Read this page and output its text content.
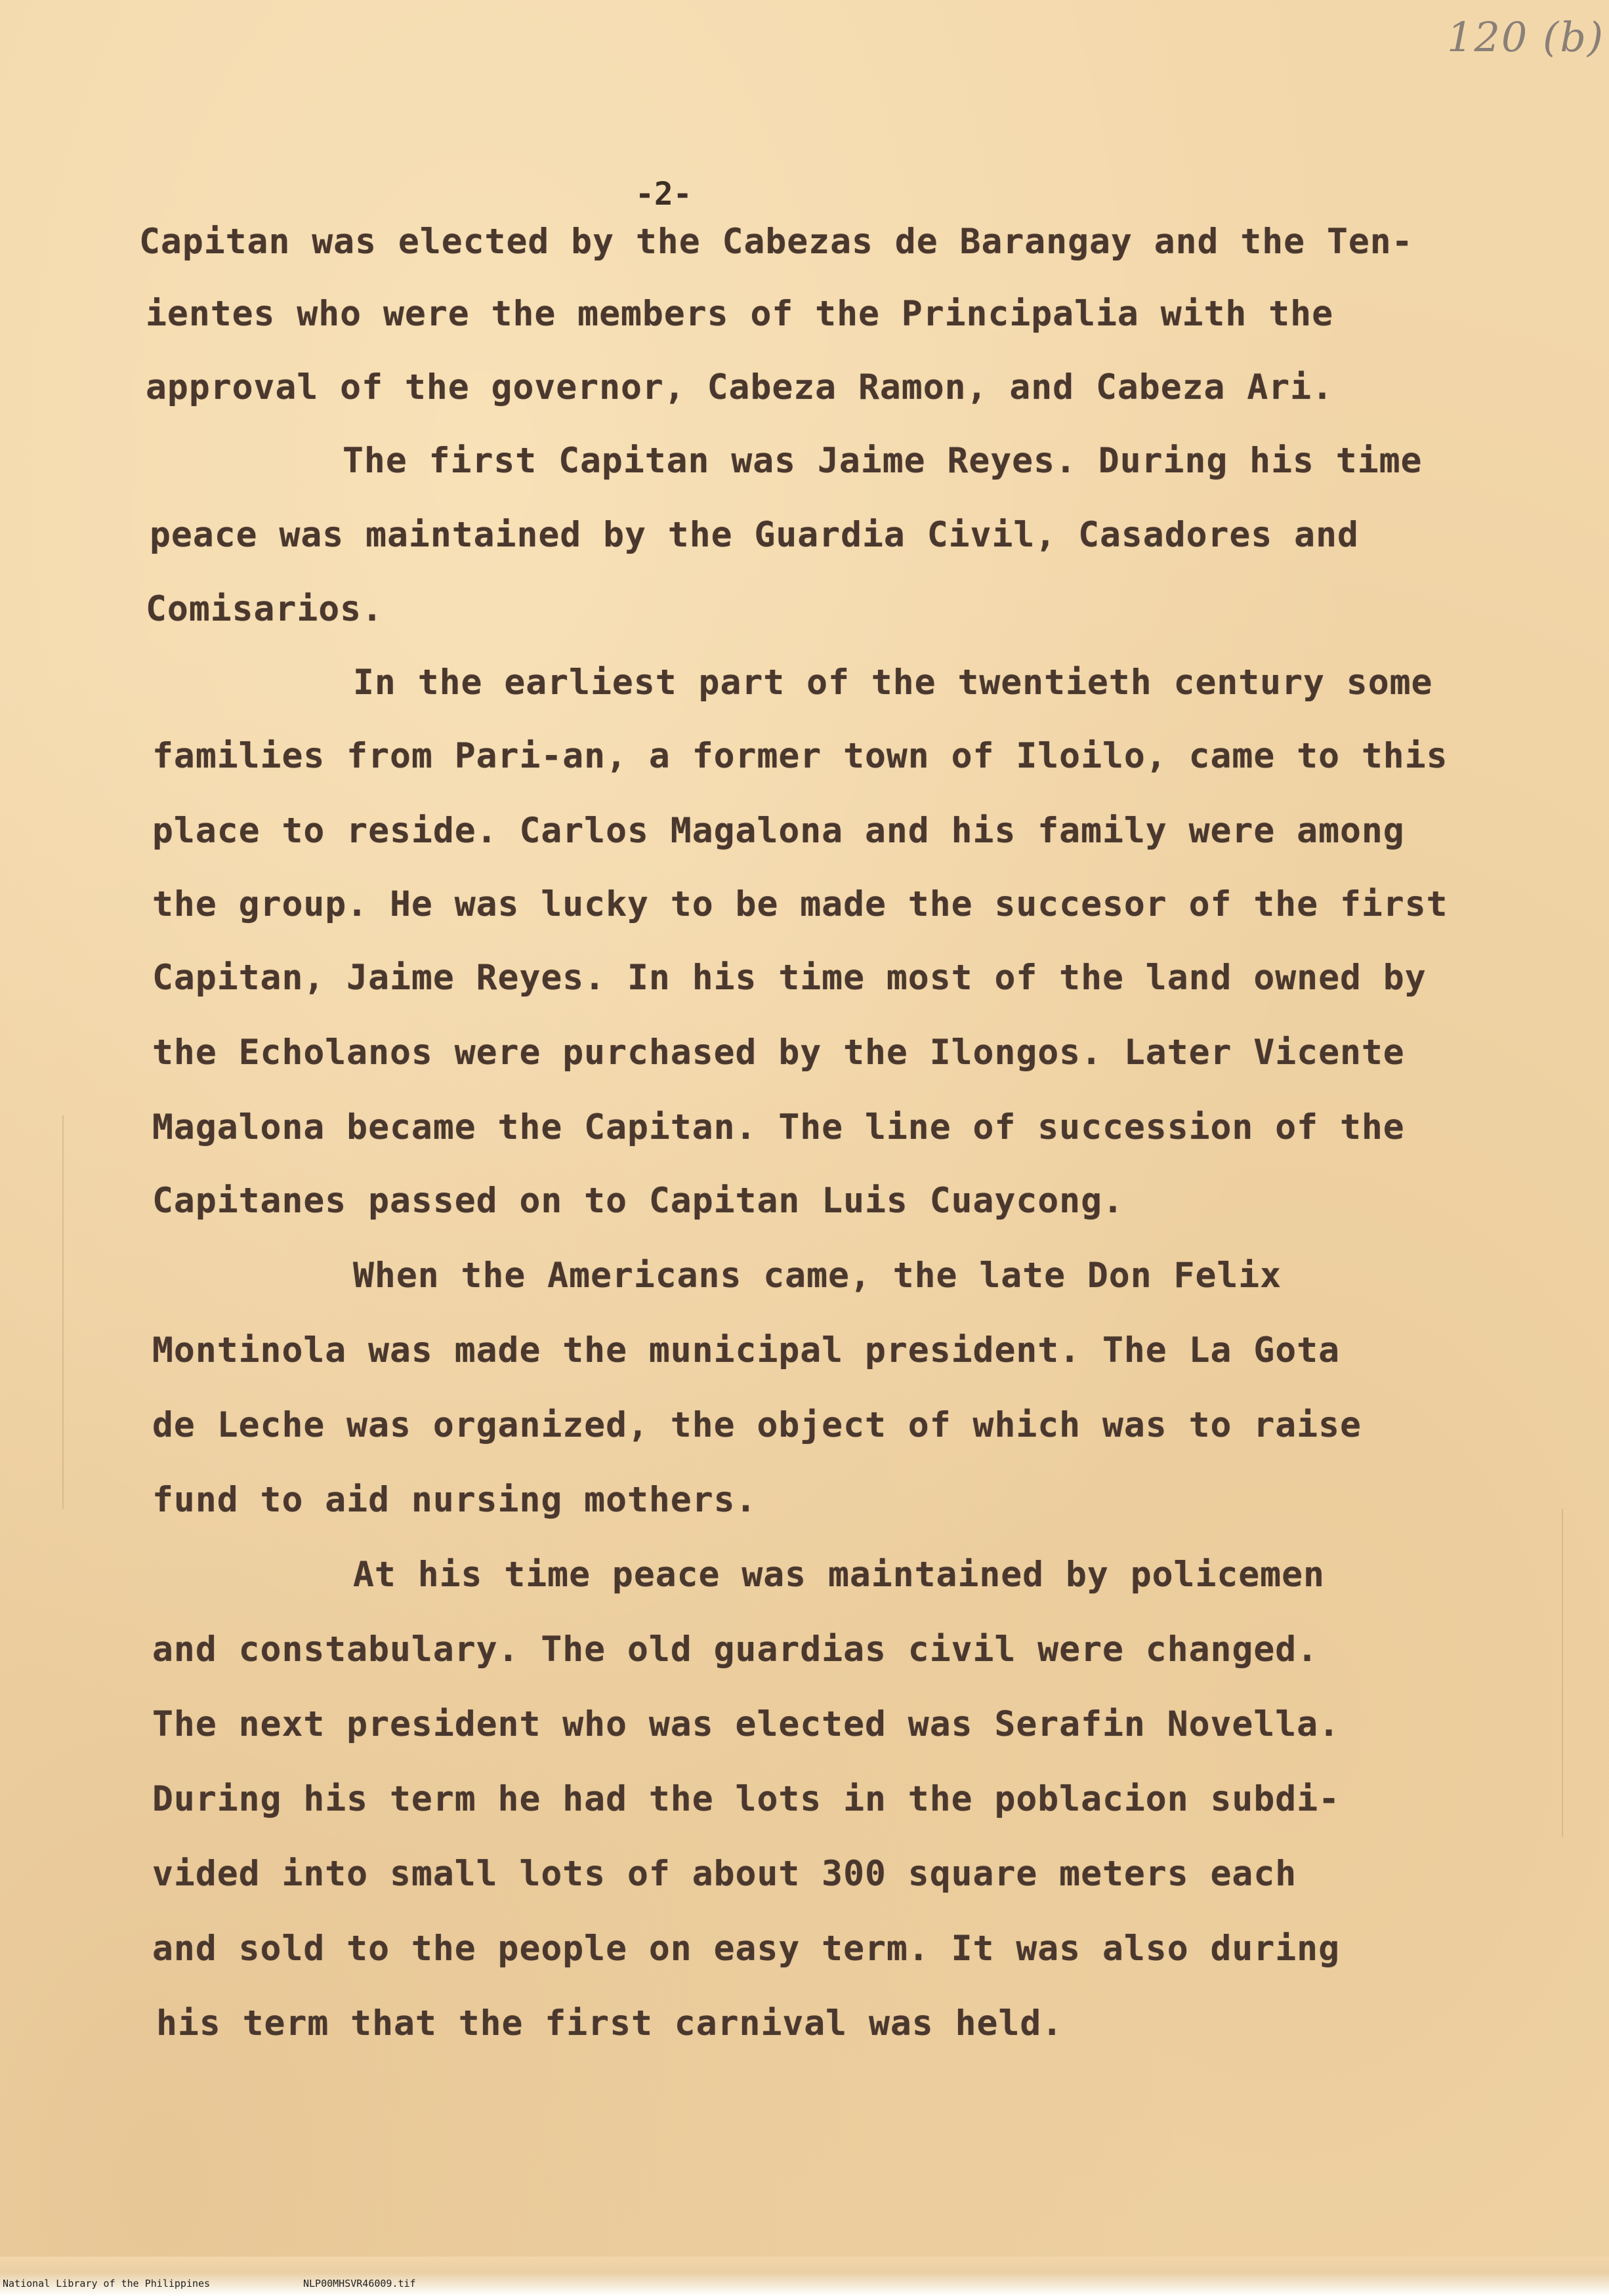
120 (b)
-2-
Capitan was elected by the Cabezas de Barangay and the Ten-
ientes who were the members of the Principalia with the
approval of the governor, Cabeza Ramon, and Cabeza Ari.
The first Capitan was Jaime Reyes. During his time
peace was maintained by the Guardia Civil, Casadores and
Comisarios.
In the earliest part of the twentieth century some
families from Pari-an, a former town of Iloilo, came to this
place to reside. Carlos Magalona and his family were among
the group. He was lucky to be made the succesor of the first
Capitan, Jaime Reyes. In his time most of the land owned by
the Echolanos were purchased by the Ilongos. Later Vicente
Magalona became the Capitan. The line of succession of the
Capitanes passed on to Capitan Luis Cuaycong.
When the Americans came, the late Don Felix
Montinola was made the municipal president. The La Gota
de Leche was organized, the object of which was to raise
fund to aid nursing mothers.
At his time peace was maintained by policemen
and constabulary. The old guardias civil were changed.
The next president who was elected was Serafin Novella.
During his term he had the lots in the poblacion subdi-
vided into small lots of about 300 square meters each
and sold to the people on easy term. It was also during
his term that the first carnival was held.
National Library of the Philippines	NLP00MHSVR46009.tif
